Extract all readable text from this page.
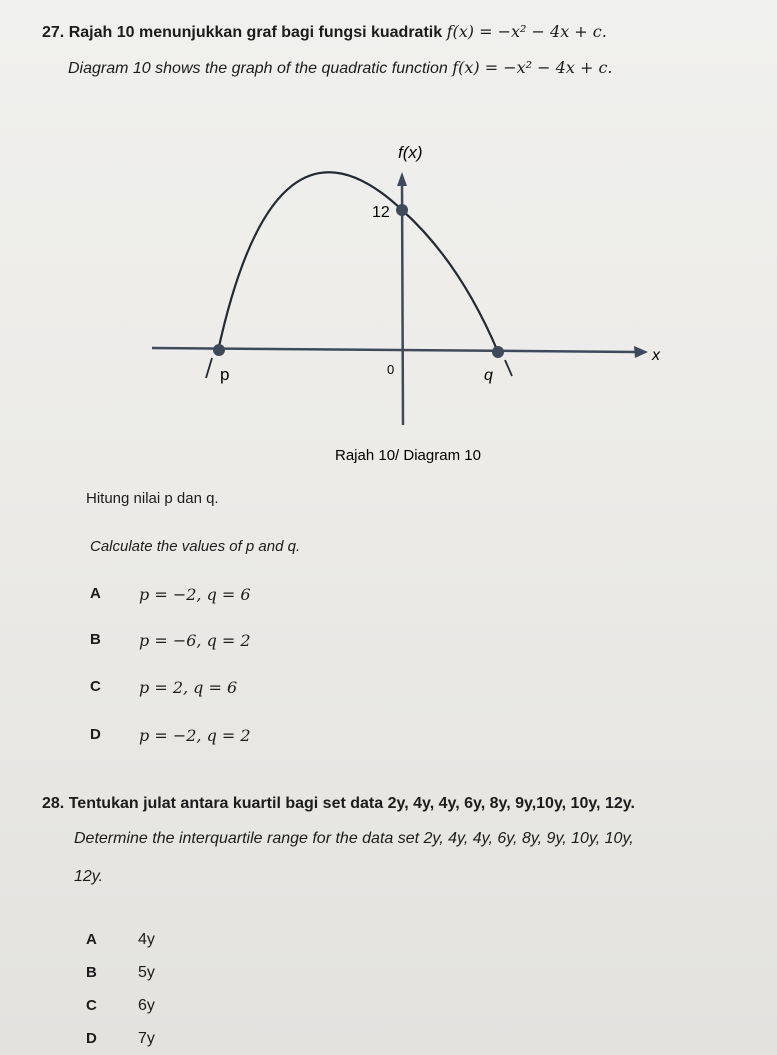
27. Rajah 10 menunjukkan graf bagi fungsi kuadratik f(x) = −x² − 4x + c.
Diagram 10 shows the graph of the quadratic function f(x) = −x² − 4x + c.
f(x)
x
12
0
p	q
Rajah 10/ Diagram 10
Hitung nilai p dan q.
Calculate the values of p and q.
A p = −2, q = 6
B p = −6, q = 2
C p = 2, q = 6
D p = −2, q = 2
28. Tentukan julat antara kuartil bagi set data 2y, 4y, 4y, 6y, 8y, 9y,10y, 10y, 12y.
Determine the interquartile range for the data set 2y, 4y, 4y, 6y, 8y, 9y, 10y, 10y,
12y.
A	4y
B	5y
C	6y
D	7y
